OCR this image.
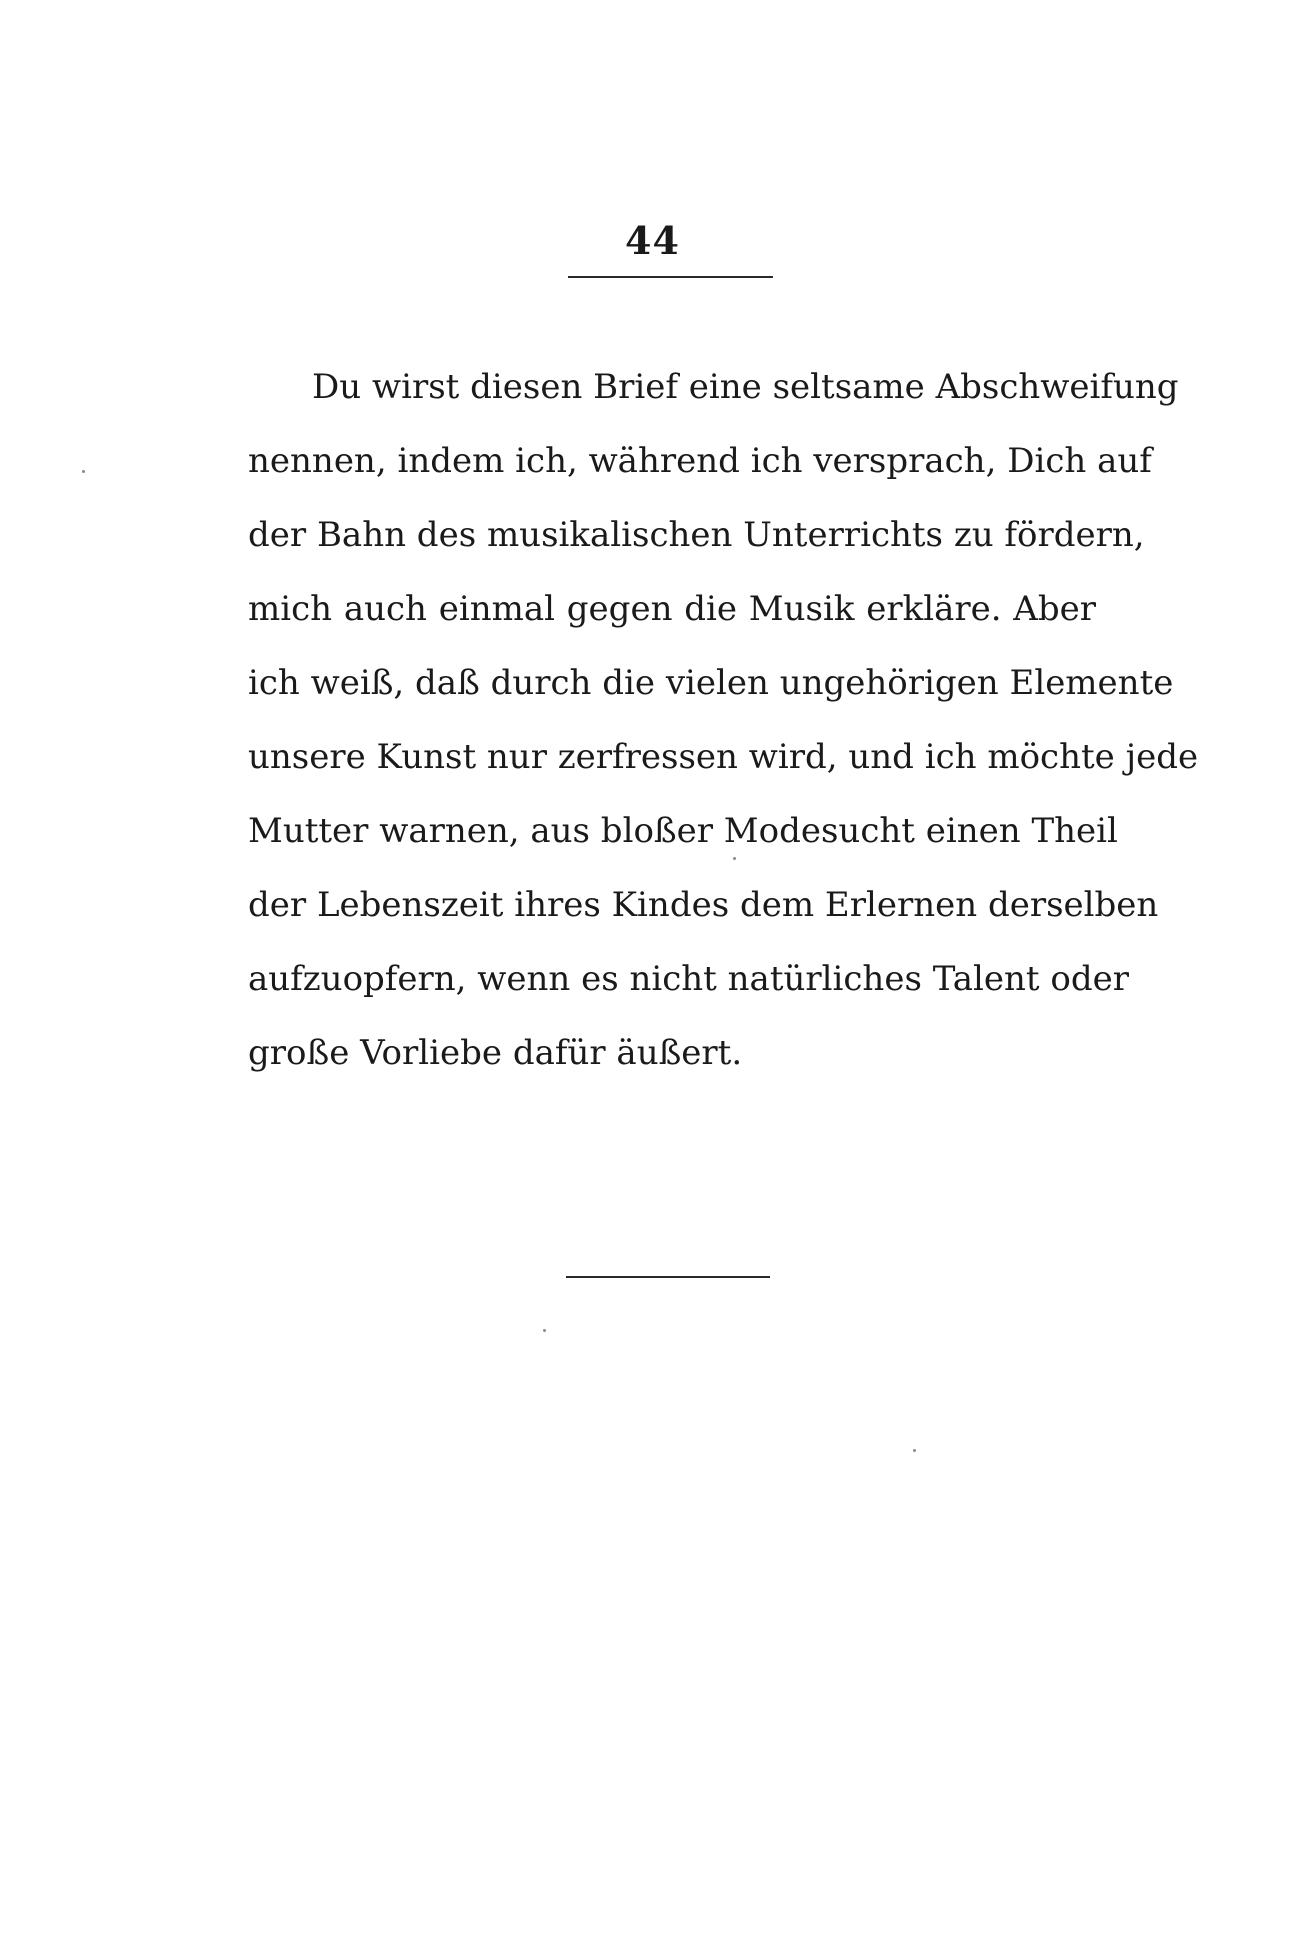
44
Du wirst diesen Brief eine seltsame Abschweifung
nennen, indem ich, während ich versprach, Dich auf
der Bahn des musikalischen Unterrichts zu fördern,
mich auch einmal gegen die Musik erkläre. Aber
ich weiß, daß durch die vielen ungehörigen Elemente
unsere Kunst nur zerfressen wird, und ich möchte jede
Mutter warnen, aus bloßer Modesucht einen Theil
der Lebenszeit ihres Kindes dem Erlernen derselben
aufzuopfern, wenn es nicht natürliches Talent oder
große Vorliebe dafür äußert.
